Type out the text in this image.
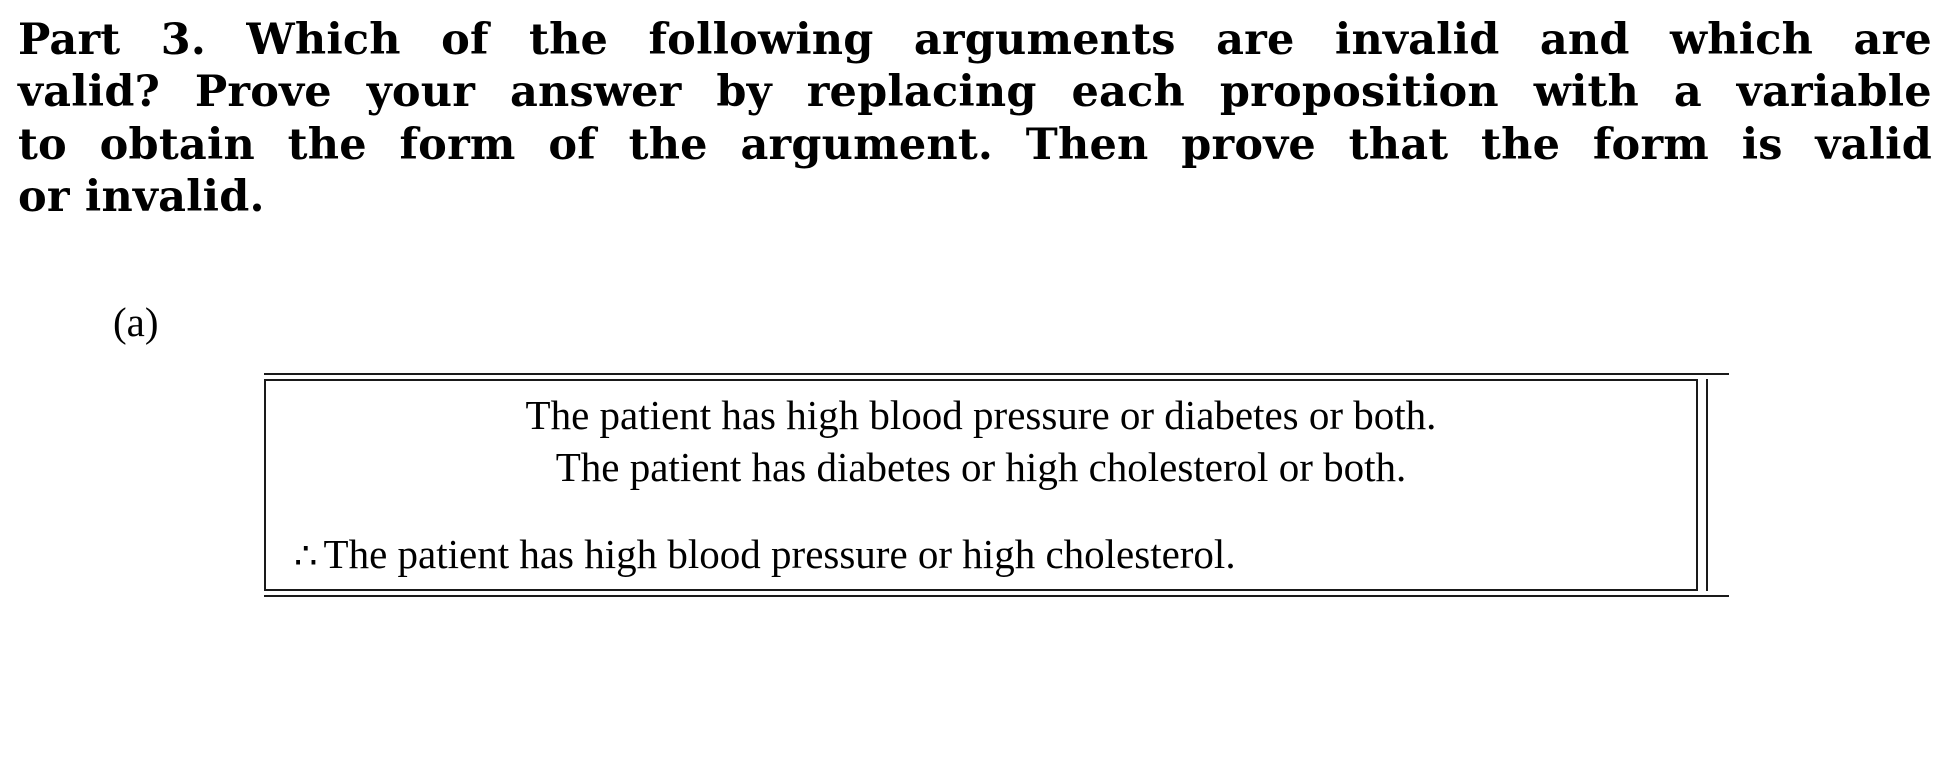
Part 3. Which of the following arguments are invalid and which are
valid? Prove your answer by replacing each proposition with a variable
to obtain the form of the argument. Then prove that the form is valid
or invalid.
(a)
The patient has high blood pressure or diabetes or both.
The patient has diabetes or high cholesterol or both.
∴ The patient has high blood pressure or high cholesterol.
